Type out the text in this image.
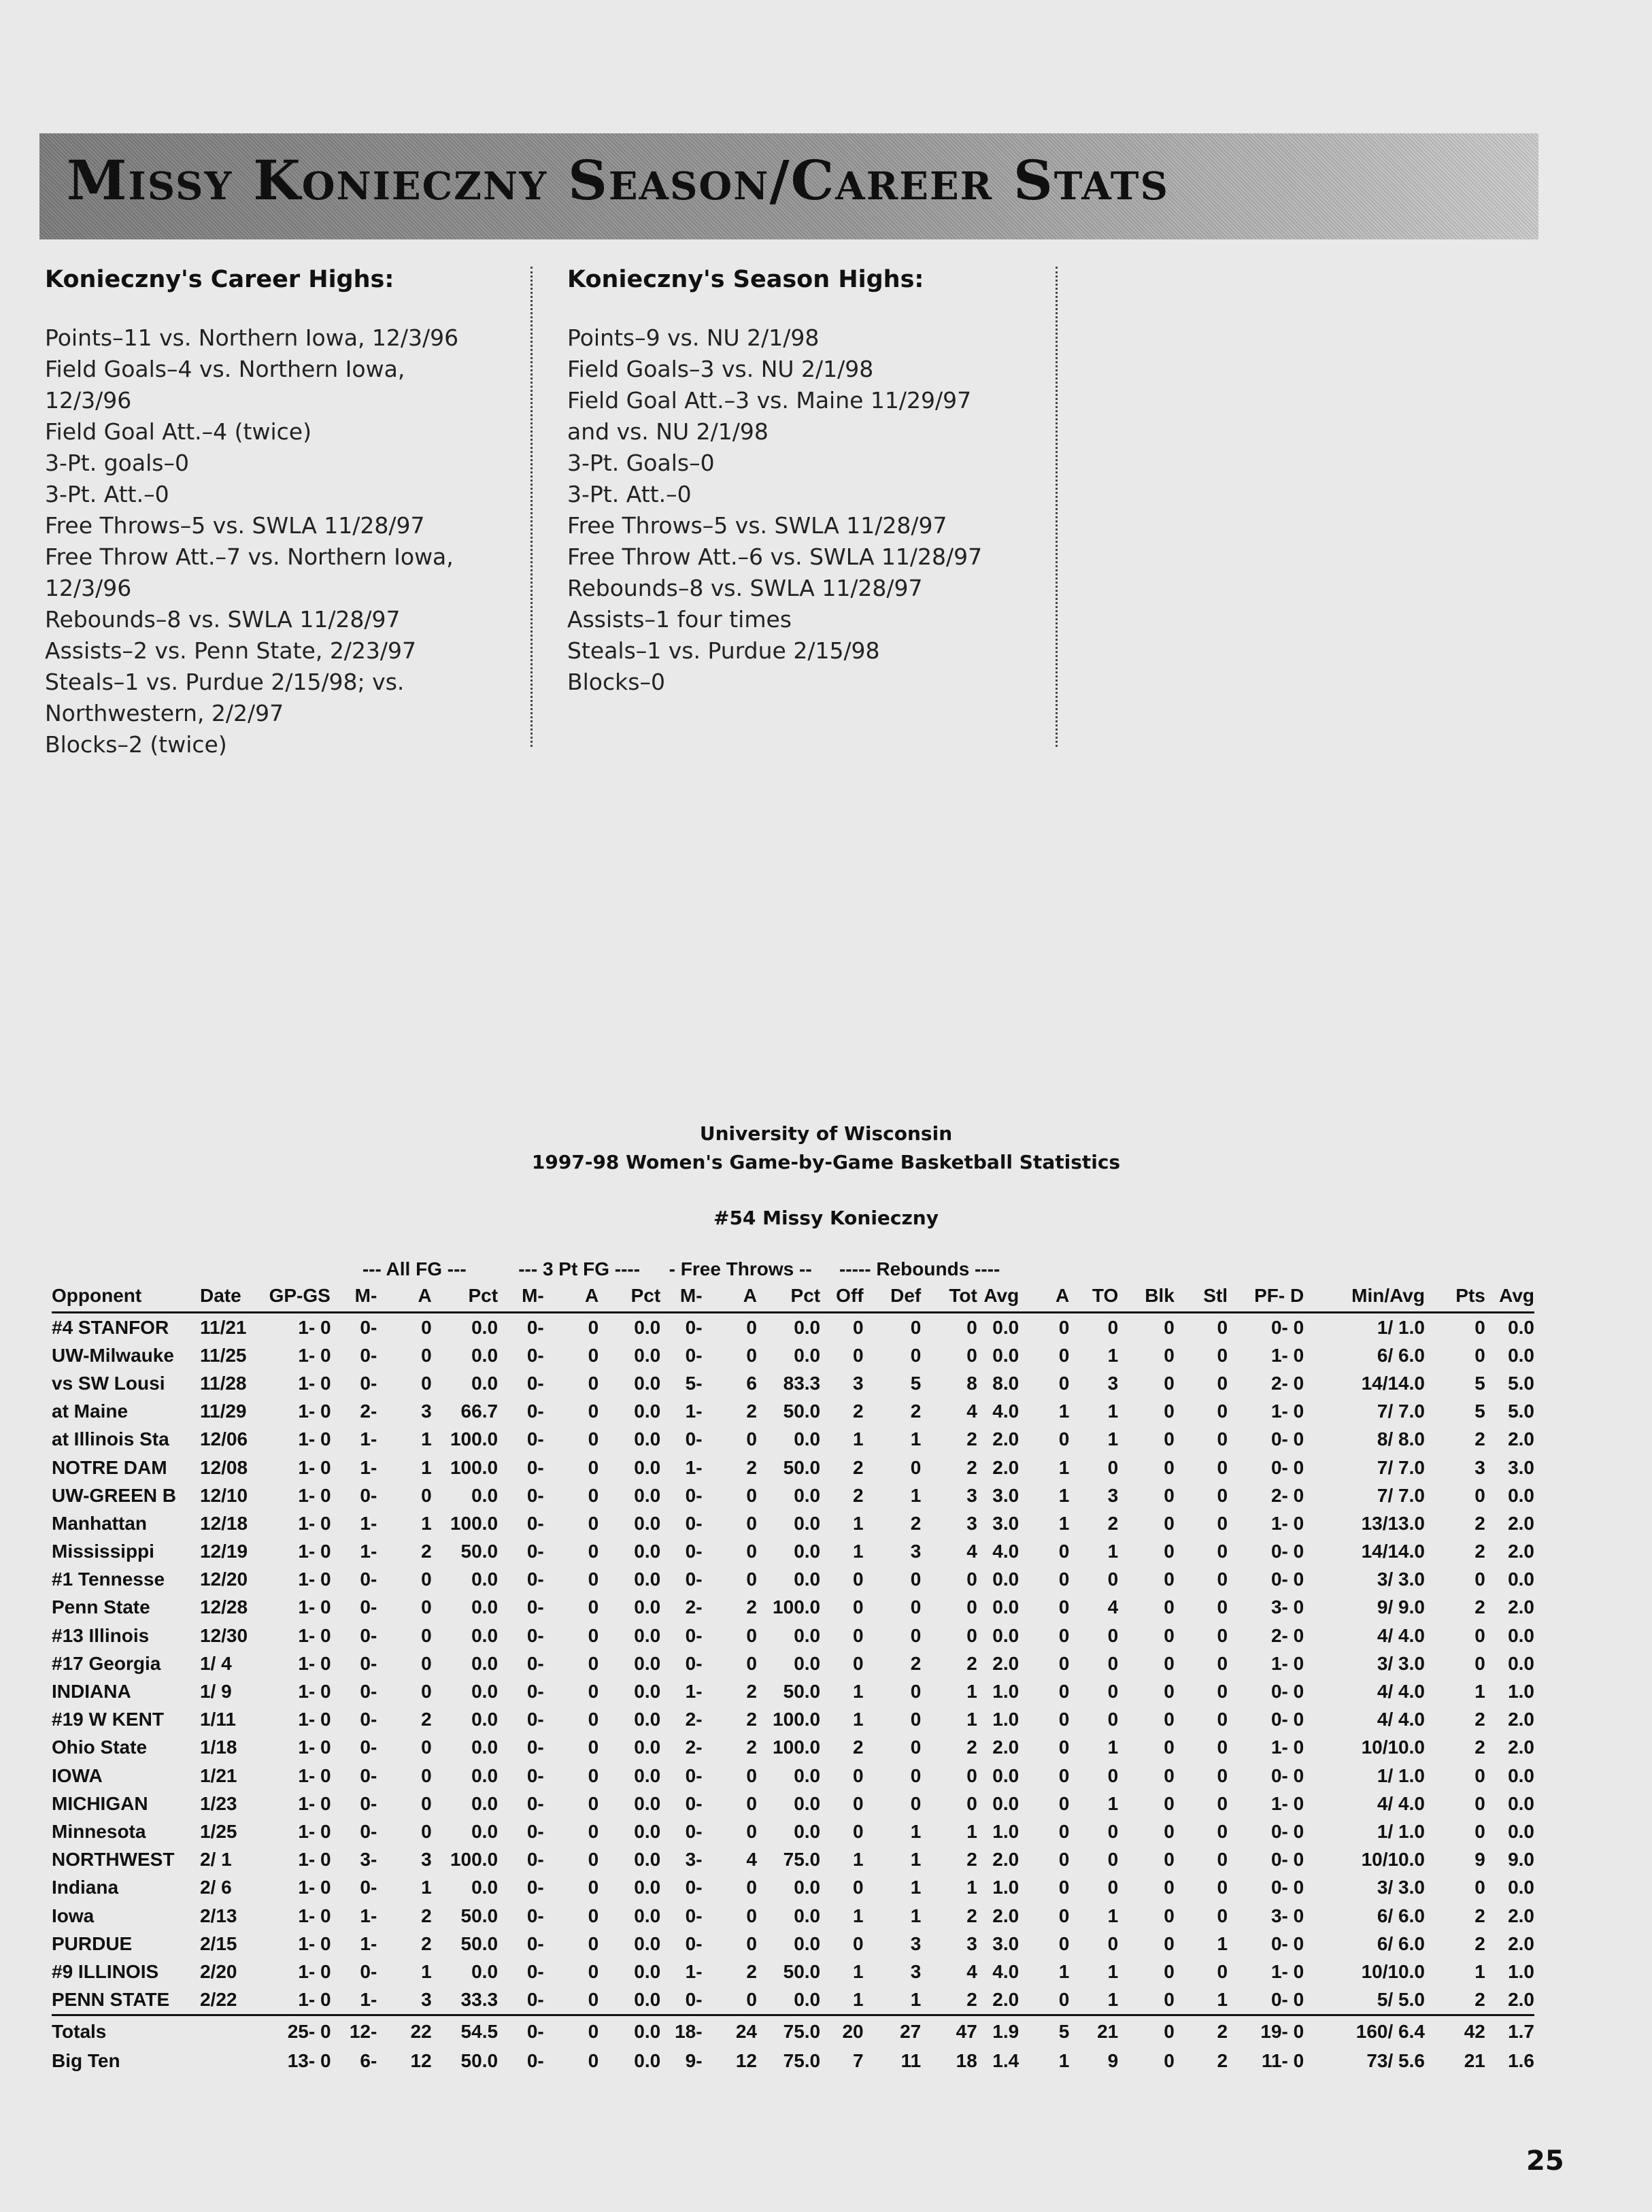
Missy Konieczny Season/Career Stats
Konieczny's Career Highs:
Points–11 vs. Northern Iowa, 12/3/96
Field Goals–4 vs. Northern Iowa, 12/3/96
Field Goal Att.–4 (twice)
3-Pt. goals–0
3-Pt. Att.–0
Free Throws–5 vs. SWLA 11/28/97
Free Throw Att.–7 vs. Northern Iowa, 12/3/96
Rebounds–8 vs. SWLA 11/28/97
Assists–2 vs. Penn State, 2/23/97
Steals–1 vs. Purdue 2/15/98; vs. Northwestern, 2/2/97
Blocks–2 (twice)
Konieczny's Season Highs:
Points–9 vs. NU 2/1/98
Field Goals–3 vs. NU 2/1/98
Field Goal Att.–3 vs. Maine 11/29/97 and vs. NU 2/1/98
3-Pt. Goals–0
3-Pt. Att.–0
Free Throws–5 vs. SWLA 11/28/97
Free Throw Att.–6 vs. SWLA 11/28/97
Rebounds–8 vs. SWLA 11/28/97
Assists–1 four times
Steals–1 vs. Purdue 2/15/98
Blocks–0
University of Wisconsin
1997-98 Women's Game-by-Game Basketball Statistics
#54 Missy Konieczny
			--- All FG ---			--- 3 Pt FG ----			- Free Throws --			----- Rebounds ----											
Opponent	Date	GP-GS	M-	A	Pct	M-	A	Pct	M-	A	Pct	Off	Def	Tot	Avg	A	TO	Blk	Stl	PF- D	Min/Avg	Pts	Avg
#4 STANFOR	11/21	1- 0	0-	0	0.0	0-	0	0.0	0-	0	0.0	0	0	0	0.0	0	0	0	0	0- 0	1/ 1.0	0	0.0
UW-Milwauke	11/25	1- 0	0-	0	0.0	0-	0	0.0	0-	0	0.0	0	0	0	0.0	0	1	0	0	1- 0	6/ 6.0	0	0.0
vs SW Lousi	11/28	1- 0	0-	0	0.0	0-	0	0.0	5-	6	83.3	3	5	8	8.0	0	3	0	0	2- 0	14/14.0	5	5.0
at Maine	11/29	1- 0	2-	3	66.7	0-	0	0.0	1-	2	50.0	2	2	4	4.0	1	1	0	0	1- 0	7/ 7.0	5	5.0
at Illinois Sta	12/06	1- 0	1-	1	100.0	0-	0	0.0	0-	0	0.0	1	1	2	2.0	0	1	0	0	0- 0	8/ 8.0	2	2.0
NOTRE DAM	12/08	1- 0	1-	1	100.0	0-	0	0.0	1-	2	50.0	2	0	2	2.0	1	0	0	0	0- 0	7/ 7.0	3	3.0
UW-GREEN B	12/10	1- 0	0-	0	0.0	0-	0	0.0	0-	0	0.0	2	1	3	3.0	1	3	0	0	2- 0	7/ 7.0	0	0.0
Manhattan	12/18	1- 0	1-	1	100.0	0-	0	0.0	0-	0	0.0	1	2	3	3.0	1	2	0	0	1- 0	13/13.0	2	2.0
Mississippi	12/19	1- 0	1-	2	50.0	0-	0	0.0	0-	0	0.0	1	3	4	4.0	0	1	0	0	0- 0	14/14.0	2	2.0
#1 Tennesse	12/20	1- 0	0-	0	0.0	0-	0	0.0	0-	0	0.0	0	0	0	0.0	0	0	0	0	0- 0	3/ 3.0	0	0.0
Penn State	12/28	1- 0	0-	0	0.0	0-	0	0.0	2-	2	100.0	0	0	0	0.0	0	4	0	0	3- 0	9/ 9.0	2	2.0
#13 Illinois	12/30	1- 0	0-	0	0.0	0-	0	0.0	0-	0	0.0	0	0	0	0.0	0	0	0	0	2- 0	4/ 4.0	0	0.0
#17 Georgia	1/ 4	1- 0	0-	0	0.0	0-	0	0.0	0-	0	0.0	0	2	2	2.0	0	0	0	0	1- 0	3/ 3.0	0	0.0
INDIANA	1/ 9	1- 0	0-	0	0.0	0-	0	0.0	1-	2	50.0	1	0	1	1.0	0	0	0	0	0- 0	4/ 4.0	1	1.0
#19 W KENT	1/11	1- 0	0-	2	0.0	0-	0	0.0	2-	2	100.0	1	0	1	1.0	0	0	0	0	0- 0	4/ 4.0	2	2.0
Ohio State	1/18	1- 0	0-	0	0.0	0-	0	0.0	2-	2	100.0	2	0	2	2.0	0	1	0	0	1- 0	10/10.0	2	2.0
IOWA	1/21	1- 0	0-	0	0.0	0-	0	0.0	0-	0	0.0	0	0	0	0.0	0	0	0	0	0- 0	1/ 1.0	0	0.0
MICHIGAN	1/23	1- 0	0-	0	0.0	0-	0	0.0	0-	0	0.0	0	0	0	0.0	0	1	0	0	1- 0	4/ 4.0	0	0.0
Minnesota	1/25	1- 0	0-	0	0.0	0-	0	0.0	0-	0	0.0	0	1	1	1.0	0	0	0	0	0- 0	1/ 1.0	0	0.0
NORTHWEST	2/ 1	1- 0	3-	3	100.0	0-	0	0.0	3-	4	75.0	1	1	2	2.0	0	0	0	0	0- 0	10/10.0	9	9.0
Indiana	2/ 6	1- 0	0-	1	0.0	0-	0	0.0	0-	0	0.0	0	1	1	1.0	0	0	0	0	0- 0	3/ 3.0	0	0.0
Iowa	2/13	1- 0	1-	2	50.0	0-	0	0.0	0-	0	0.0	1	1	2	2.0	0	1	0	0	3- 0	6/ 6.0	2	2.0
PURDUE	2/15	1- 0	1-	2	50.0	0-	0	0.0	0-	0	0.0	0	3	3	3.0	0	0	0	1	0- 0	6/ 6.0	2	2.0
#9 ILLINOIS	2/20	1- 0	0-	1	0.0	0-	0	0.0	1-	2	50.0	1	3	4	4.0	1	1	0	0	1- 0	10/10.0	1	1.0
PENN STATE	2/22	1- 0	1-	3	33.3	0-	0	0.0	0-	0	0.0	1	1	2	2.0	0	1	0	1	0- 0	5/ 5.0	2	2.0
Totals		25- 0	12-	22	54.5	0-	0	0.0	18-	24	75.0	20	27	47	1.9	5	21	0	2	19- 0	160/ 6.4	42	1.7
Big Ten		13- 0	6-	12	50.0	0-	0	0.0	9-	12	75.0	7	11	18	1.4	1	9	0	2	11- 0	73/ 5.6	21	1.6
25
